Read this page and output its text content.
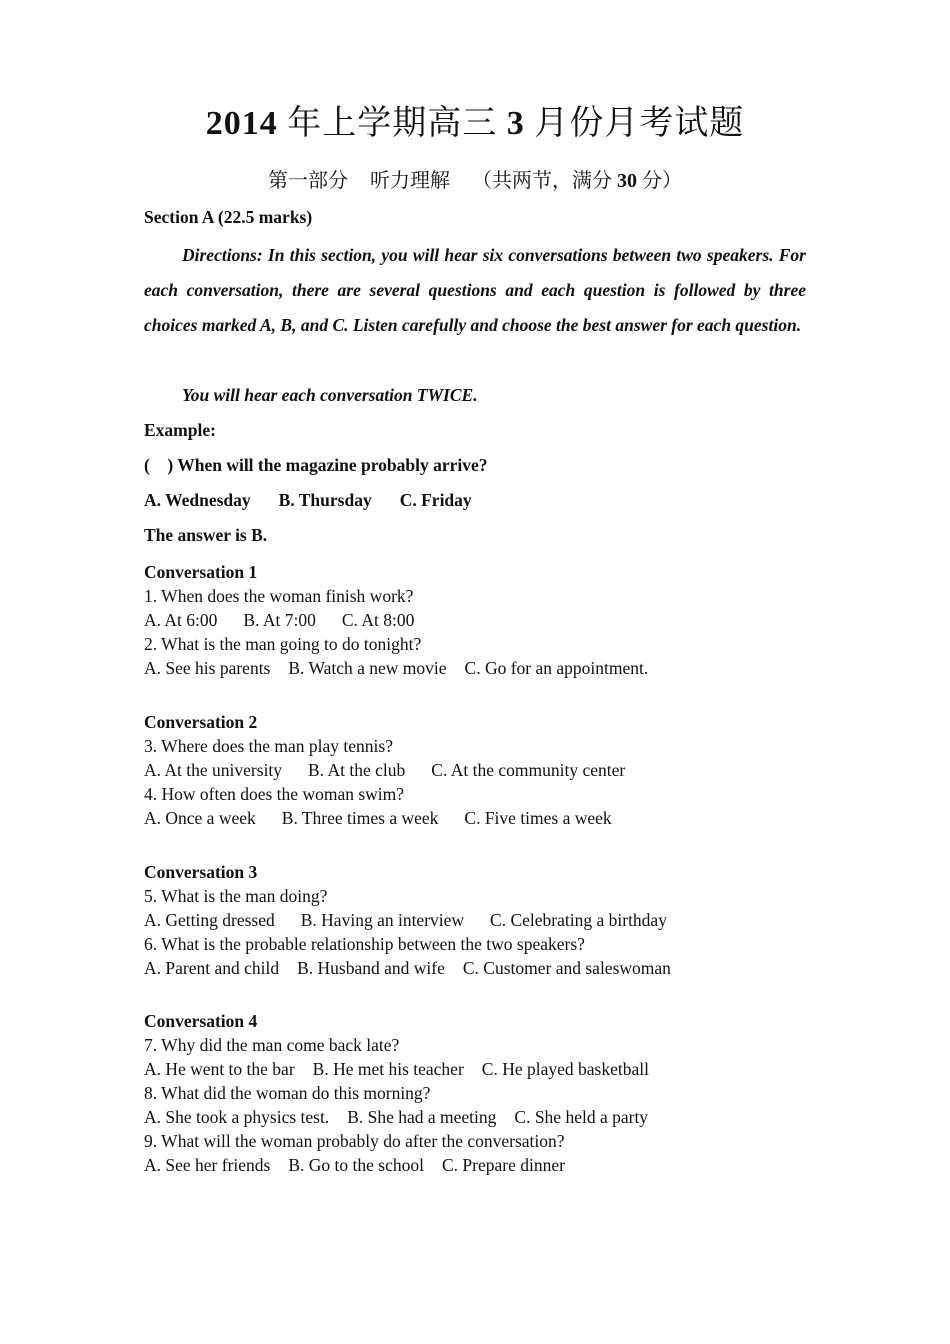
2014 年上学期高三 3 月份月考试题
第一部分 听力理解 （共两节，满分 30 分）
Section A (22.5 marks)
Directions: In this section, you will hear six conversations between two speakers. For each conversation, there are several questions and each question is followed by three choices marked A, B, and C. Listen carefully and choose the best answer for each question.
You will hear each conversation TWICE.
Example:
(    ) When will the magazine probably arrive?
A. Wednesday B. Thursday C. Friday
The answer is B.
Conversation 1
1. When does the woman finish work?
A. At 6:00 B. At 7:00 C. At 8:00
2. What is the man going to do tonight?
A. See his parents B. Watch a new movie C. Go for an appointment.
Conversation 2
3. Where does the man play tennis?
A. At the university B. At the club C. At the community center
4. How often does the woman swim?
A. Once a week B. Three times a week C. Five times a week
Conversation 3
5. What is the man doing?
A. Getting dressed B. Having an interview C. Celebrating a birthday
6. What is the probable relationship between the two speakers?
A. Parent and child B. Husband and wife C. Customer and saleswoman
Conversation 4
7. Why did the man come back late?
A. He went to the bar B. He met his teacher C. He played basketball
8. What did the woman do this morning?
A. She took a physics test. B. She had a meeting C. She held a party
9. What will the woman probably do after the conversation?
A. See her friends B. Go to the school C. Prepare dinner
